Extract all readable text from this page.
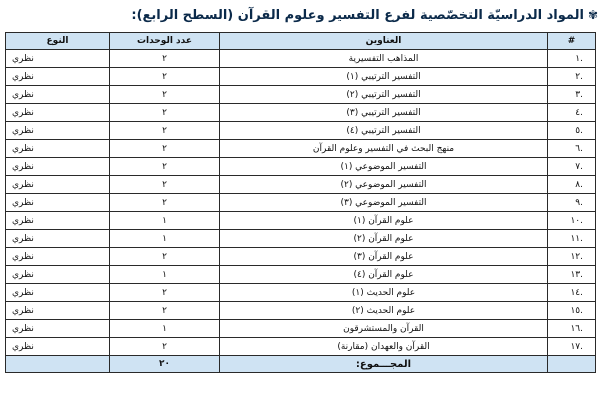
✾
المواد الدراسيّة التخصّصية لفرع التفسير وعلوم القرآن (السطح الرابع):
#	العناوين	عدد الوحدات	النوع
.١	المذاهب التفسيرية	٢	نظري
.٢	التفسير الترتيبي (١)	٢	نظري
.٣	التفسير الترتيبي (٢)	٢	نظري
.٤	التفسير الترتيبي (٣)	٢	نظري
.٥	التفسير الترتيبي (٤)	٢	نظري
.٦	منهج البحث في التفسير وعلوم القرآن	٢	نظري
.٧	التفسير الموضوعي (١)	٢	نظري
.٨	التفسير الموضوعي (٢)	٢	نظري
.٩	التفسير الموضوعي (٣)	٢	نظري
.١٠	علوم القرآن (١)	١	نظري
.١١	علوم القرآن (٢)	١	نظري
.١٢	علوم القرآن (٣)	٢	نظري
.١٣	علوم القرآن (٤)	١	نظري
.١٤	علوم الحديث (١)	٢	نظري
.١٥	علوم الحديث (٢)	٢	نظري
.١٦	القرآن والمستشرقون	١	نظري
.١٧	القرآن والعهدان (مقارنة)	٢	نظري
	المجـــموع:	٢٠	
